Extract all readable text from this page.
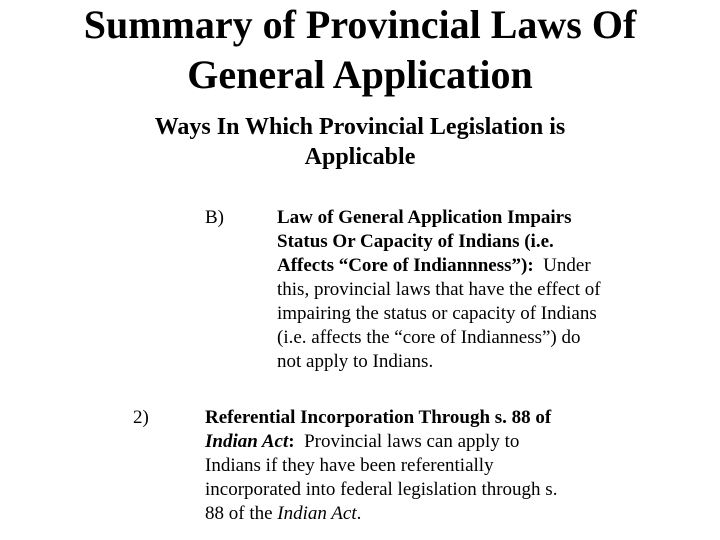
Summary of Provincial Laws Of
General Application
Ways In Which Provincial Legislation is
Applicable
B)	Law of General Application Impairs
Status Or Capacity of Indians (i.e.
Affects “Core of Indiannness”): Under
this, provincial laws that have the effect of
impairing the status or capacity of Indians
(i.e. affects the “core of Indianness”) do
not apply to Indians.
2)	Referential Incorporation Through s. 88 of
Indian Act: Provincial laws can apply to
Indians if they have been referentially
incorporated into federal legislation through s.
88 of the Indian Act.
